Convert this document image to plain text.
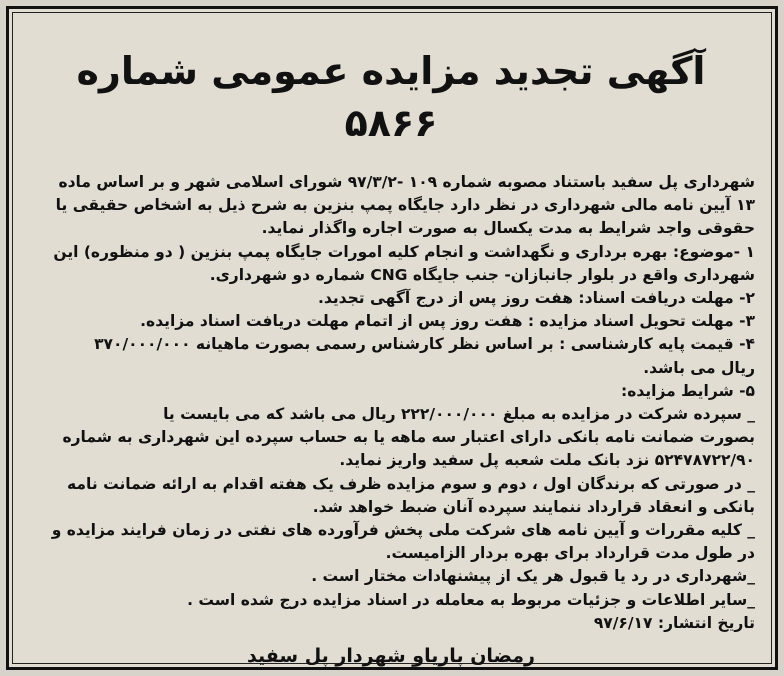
آگهی تجدید مزایده عمومی شماره ۵۸۶۶
شهرداری پل سفید باستناد مصوبه شماره ۱۰۹ -۹۷/۳/۲ شورای اسلامی شهر و بر اساس ماده
۱۳ آیین نامه مالی شهرداری در نظر دارد جایگاه پمپ بنزین به شرح ذیل به اشخاص حقیقی یا
حقوقی واجد شرایط به مدت یکسال به صورت اجاره واگذار نماید.
۱ -موضوع: بهره برداری و نگهداشت و انجام کلیه امورات جایگاه پمپ بنزین ( دو منظوره) این
شهرداری واقع در بلوار جانبازان- جنب جایگاه CNG شماره دو شهرداری.
۲- مهلت دریافت اسناد: هفت روز پس از درج آگهی تجدید.
۳- مهلت تحویل اسناد مزایده : هفت روز پس از اتمام مهلت دریافت اسناد مزایده.
۴- قیمت پایه کارشناسی : بر اساس نظر کارشناس رسمی بصورت ماهیانه ۳۷۰/۰۰۰/۰۰۰
ریال می باشد.
۵- شرایط مزایده:
_ سپرده شرکت در مزایده به مبلغ ۲۲۲/۰۰۰/۰۰۰ ریال می باشد که می بایست یا
بصورت ضمانت نامه بانکی دارای اعتبار سه ماهه یا به حساب سپرده این شهرداری به شماره
۵۲۴۷۸۷۲۲/۹۰ نزد بانک ملت شعبه پل سفید واریز نماید.
_ در صورتی که برندگان اول ، دوم و سوم مزایده ظرف یک هفته اقدام به ارائه ضمانت نامه
بانکی و انعقاد قرارداد ننمایند سپرده آنان ضبط خواهد شد.
_ کلیه مقررات و آیین نامه های شرکت ملی پخش فرآورده های نفتی در زمان فرایند مزایده و
در طول مدت قرارداد برای بهره بردار الزامیست.
_شهرداری در رد یا قبول هر یک از پیشنهادات مختار است .
_سایر اطلاعات و جزئیات مربوط به معامله در اسناد مزایده درج شده است .
تاریخ انتشار: ۹۷/۶/۱۷
رمضان پاریاو شهردار پل سفید
